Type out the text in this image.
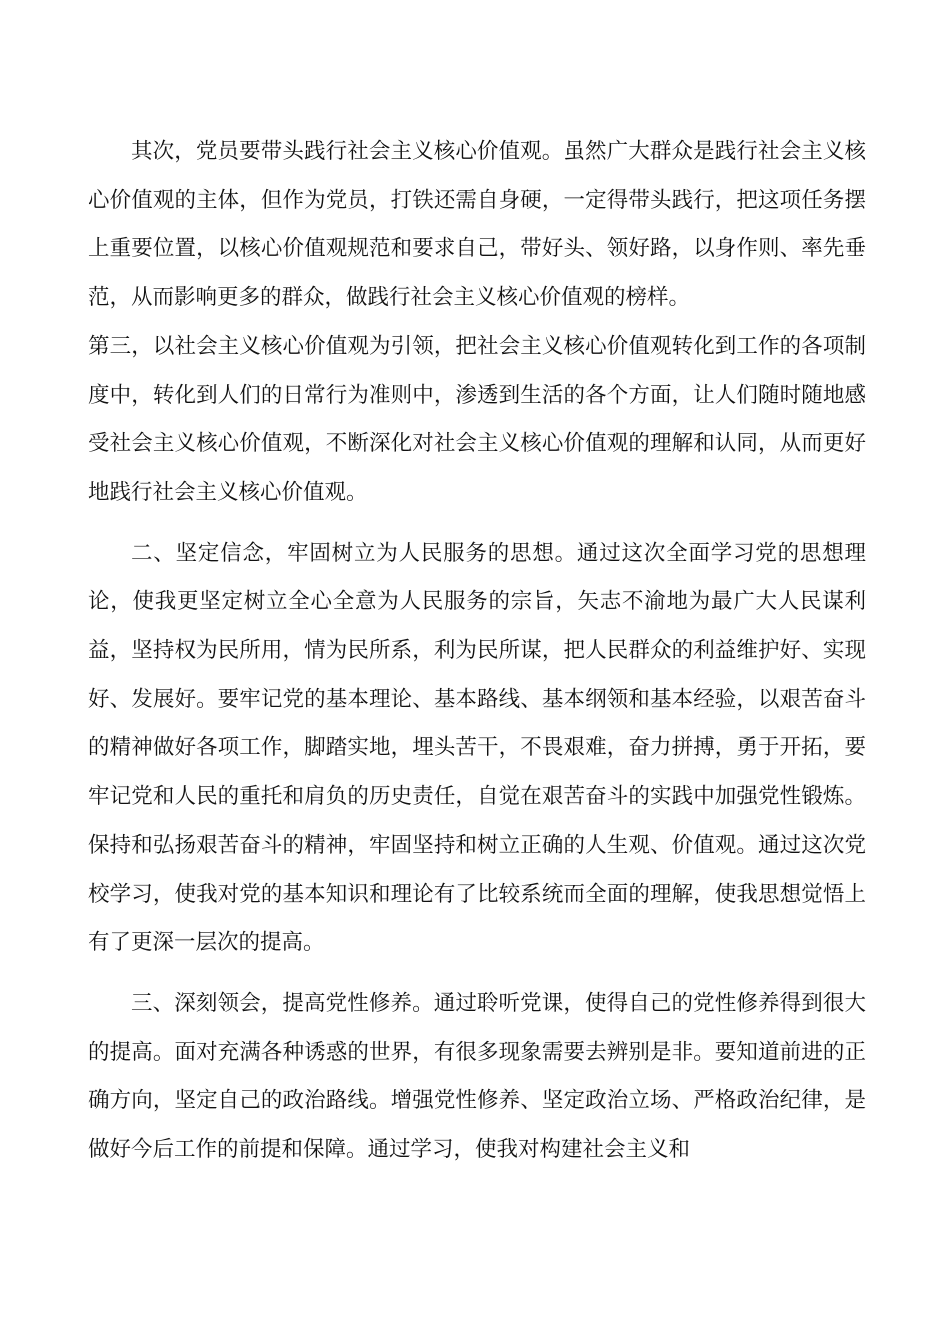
其次，党员要带头践行社会主义核心价值观。虽然广大群众是践行社会主义核心价值观的主体，但作为党员，打铁还需自身硬，一定得带头践行，把这项任务摆上重要位置，以核心价值观规范和要求自己，带好头、领好路，以身作则、率先垂范，从而影响更多的群众，做践行社会主义核心价值观的榜样。

第三，以社会主义核心价值观为引领，把社会主义核心价值观转化到工作的各项制度中，转化到人们的日常行为准则中，渗透到生活的各个方面，让人们随时随地感受社会主义核心价值观，不断深化对社会主义核心价值观的理解和认同，从而更好地践行社会主义核心价值观。

二、坚定信念，牢固树立为人民服务的思想。通过这次全面学习党的思想理论，使我更坚定树立全心全意为人民服务的宗旨，矢志不渝地为最广大人民谋利益，坚持权为民所用，情为民所系，利为民所谋，把人民群众的利益维护好、实现好、发展好。要牢记党的基本理论、基本路线、基本纲领和基本经验，以艰苦奋斗的精神做好各项工作，脚踏实地，埋头苦干，不畏艰难，奋力拼搏，勇于开拓，要牢记党和人民的重托和肩负的历史责任，自觉在艰苦奋斗的实践中加强党性锻炼。保持和弘扬艰苦奋斗的精神，牢固坚持和树立正确的人生观、价值观。通过这次党校学习，使我对党的基本知识和理论有了比较系统而全面的理解，使我思想觉悟上有了更深一层次的提高。

三、深刻领会，提高党性修养。通过聆听党课，使得自己的党性修养得到很大的提高。面对充满各种诱惑的世界，有很多现象需要去辨别是非。要知道前进的正确方向，坚定自己的政治路线。增强党性修养、坚定政治立场、严格政治纪律，是做好今后工作的前提和保障。通过学习，使我对构建社会主义和
